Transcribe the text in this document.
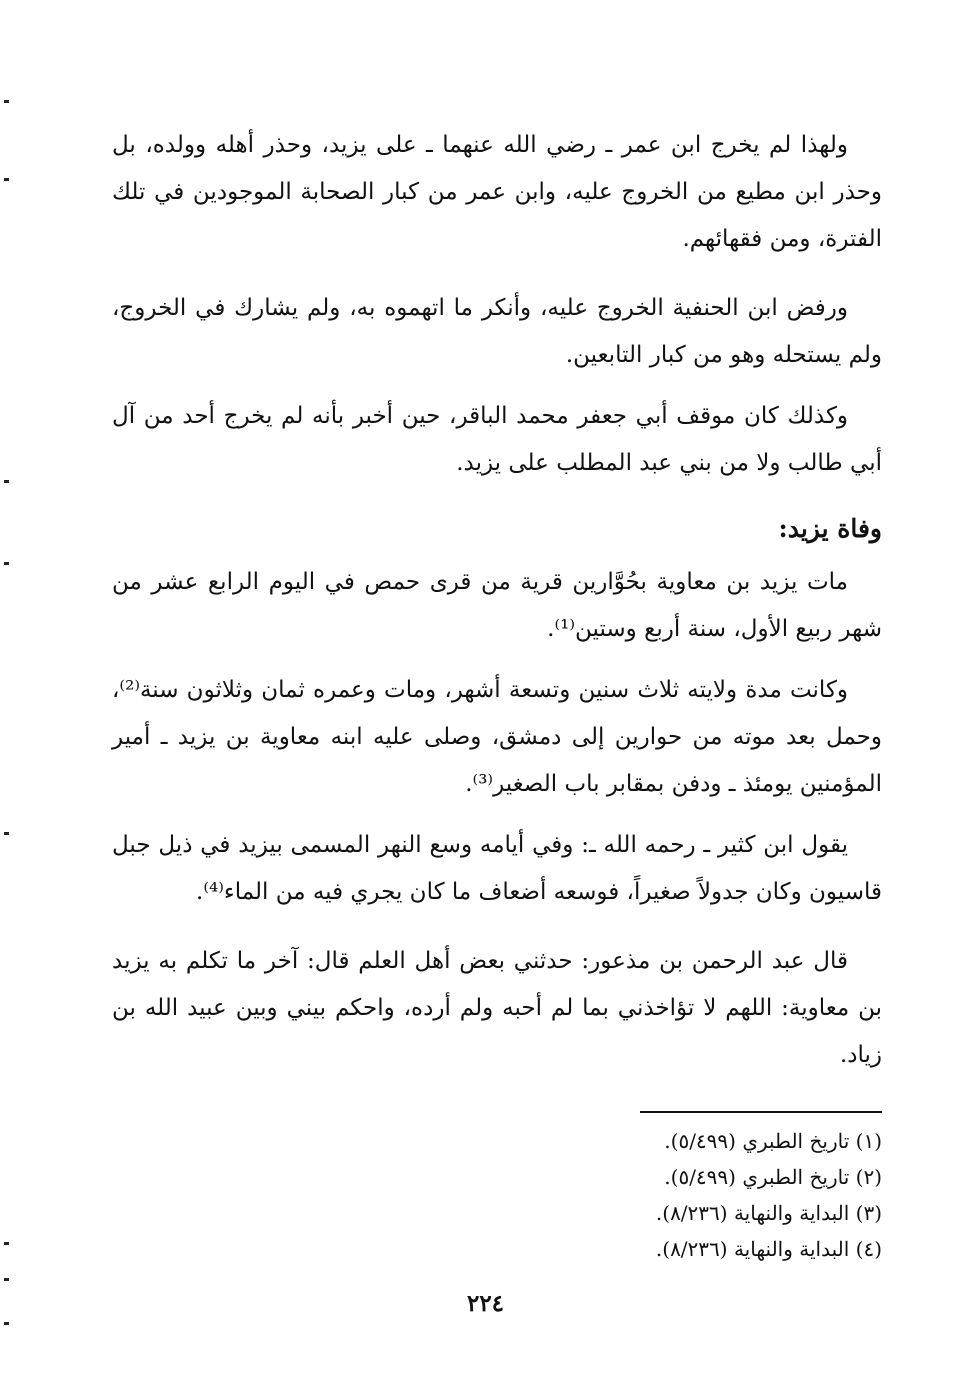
ولهذا لم يخرج ابن عمر ـ رضي الله عنهما ـ على يزيد، وحذر أهله وولده، بل وحذر ابن مطيع من الخروج عليه، وابن عمر من كبار الصحابة الموجودين في تلك الفترة، ومن فقهائهم.

ورفض ابن الحنفية الخروج عليه، وأنكر ما اتهموه به، ولم يشارك في الخروج، ولم يستحله وهو من كبار التابعين.

وكذلك كان موقف أبي جعفر محمد الباقر، حين أخبر بأنه لم يخرج أحد من آل أبي طالب ولا من بني عبد المطلب على يزيد.

وفاة يزيد:

مات يزيد بن معاوية بحُوَّارين قرية من قرى حمص في اليوم الرابع عشر من شهر ربيع الأول، سنة أربع وستين⁽¹⁾.

وكانت مدة ولايته ثلاث سنين وتسعة أشهر، ومات وعمره ثمان وثلاثون سنة⁽²⁾، وحمل بعد موته من حوارين إلى دمشق، وصلى عليه ابنه معاوية بن يزيد ـ أمير المؤمنين يومئذ ـ ودفن بمقابر باب الصغير⁽³⁾.

يقول ابن كثير ـ رحمه الله ـ: وفي أيامه وسع النهر المسمى بيزيد في ذيل جبل قاسيون وكان جدولاً صغيراً، فوسعه أضعاف ما كان يجري فيه من الماء⁽⁴⁾.

قال عبد الرحمن بن مذعور: حدثني بعض أهل العلم قال: آخر ما تكلم به يزيد بن معاوية: اللهم لا تؤاخذني بما لم أحبه ولم أرده، واحكم بيني وبين عبيد الله بن زياد.

(١) تاريخ الطبري (٥/٤٩٩).

(٢) تاريخ الطبري (٥/٤٩٩).

(٣) البداية والنهاية (٨/٢٣٦).

(٤) البداية والنهاية (٨/٢٣٦).

٢٢٤
